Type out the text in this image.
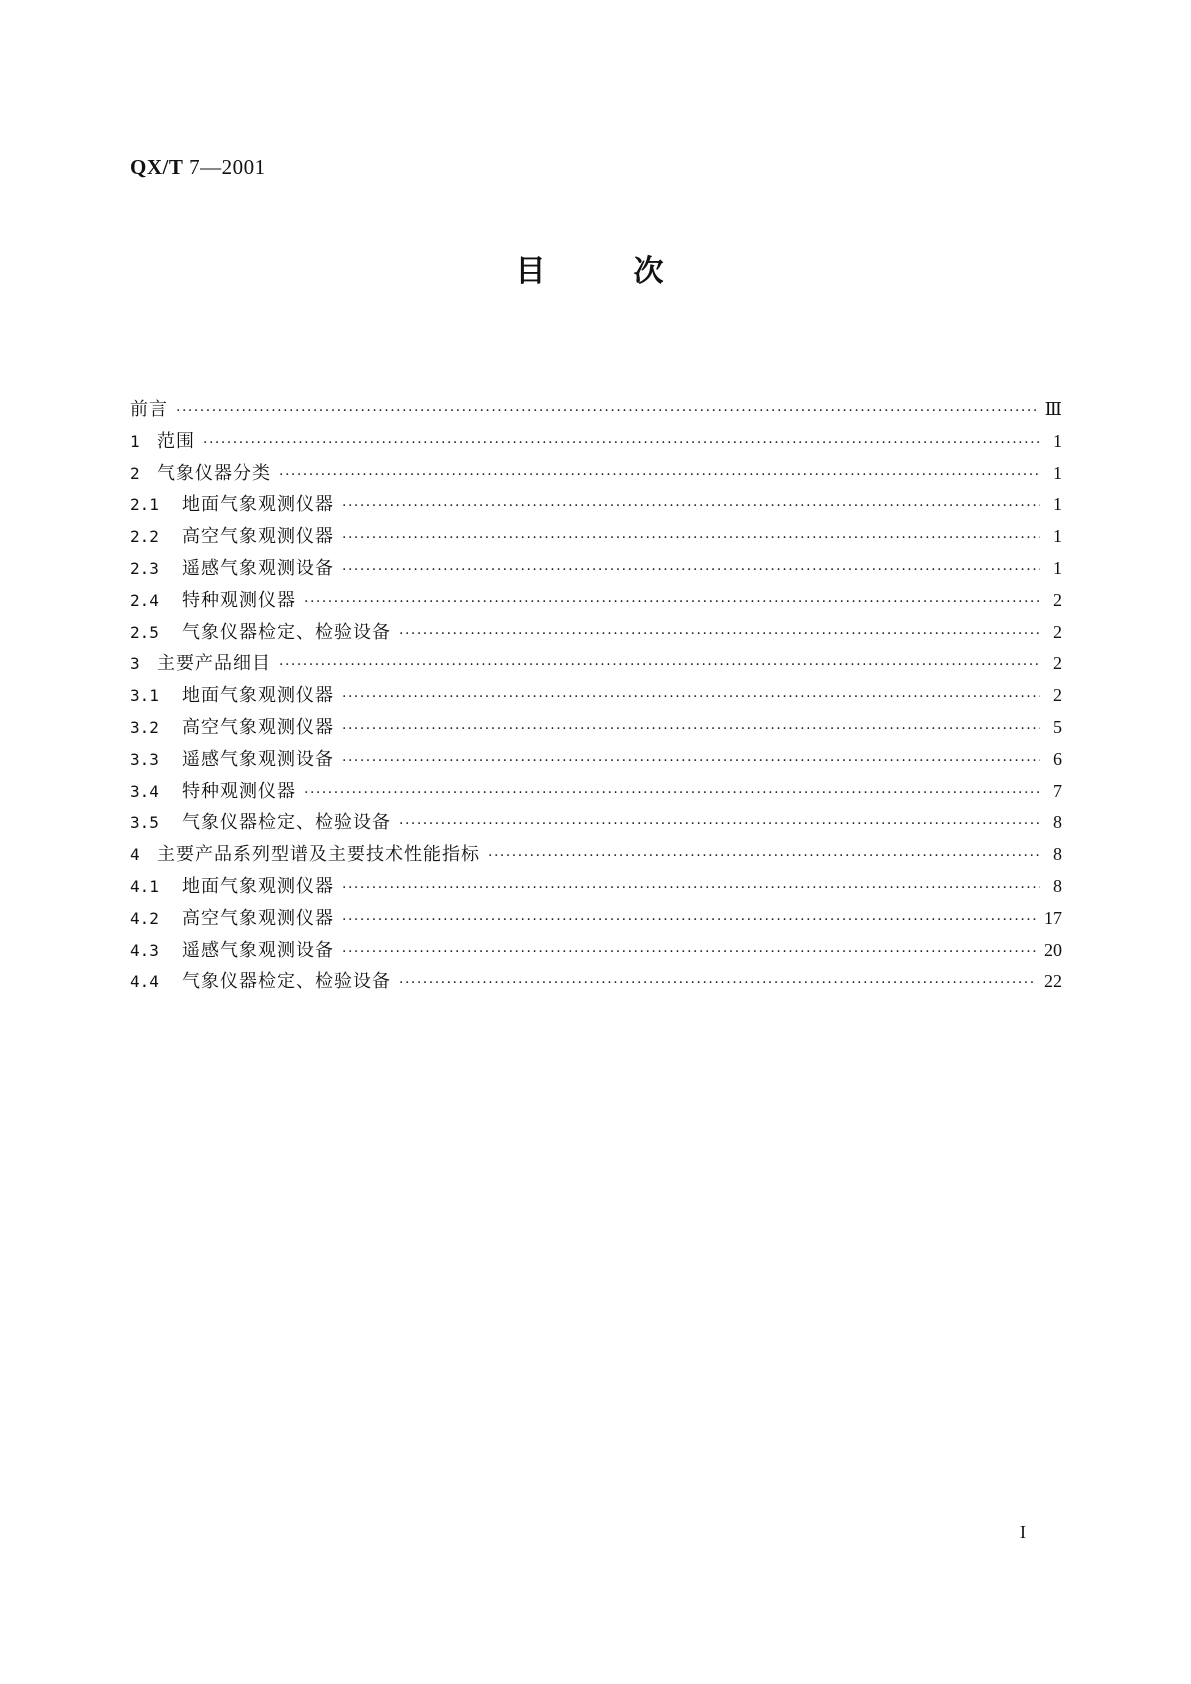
QX/T 7—2001
目次
前言 ·····	Ⅲ
1 范围 ·····	1
2 气象仪器分类 ·····	1
2.1	地面气象观测仪器 ·····	1
2.2	高空气象观测仪器 ·····	1
2.3	遥感气象观测设备 ·····	1
2.4	特种观测仪器 ·····	2
2.5	气象仪器检定、检验设备 ·····	2
3 主要产品细目 ·····	2
3.1	地面气象观测仪器 ·····	2
3.2	高空气象观测仪器 ·····	5
3.3	遥感气象观测设备 ·····	6
3.4	特种观测仪器 ·····	7
3.5	气象仪器检定、检验设备 ·····	8
4 主要产品系列型谱及主要技术性能指标 ·····	8
4.1	地面气象观测仪器 ·····	8
4.2	高空气象观测仪器 ·····	17
4.3	遥感气象观测设备 ·····	20
4.4	气象仪器检定、检验设备 ·····	22
I
